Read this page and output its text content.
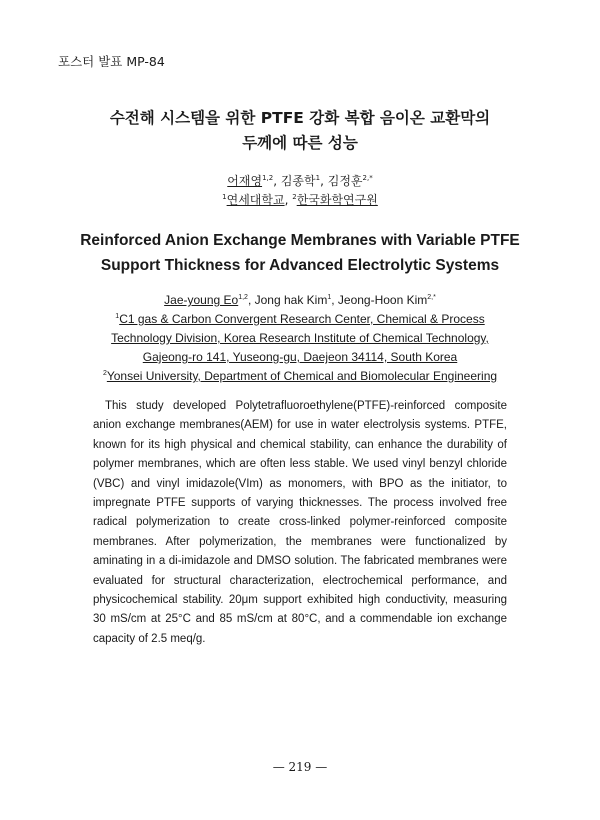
포스터 발표 MP-84
수전해 시스템을 위한 PTFE 강화 복합 음이온 교환막의
두께에 따른 성능
어재영$^{1,2}$, 김종학$^1$, 김정훈$^{2,*}$
$^1$연세대학교, $^2$한국화학연구원
Reinforced Anion Exchange Membranes with Variable PTFE
Support Thickness for Advanced Electrolytic Systems
Jae-young Eo$^{1,2}$, Jong hak Kim$^1$, Jeong-Hoon Kim$^{2,*}$
$^1$C1 gas & Carbon Convergent Research Center, Chemical & Process
Technology Division, Korea Research Institute of Chemical Technology,
Gajeong-ro 141, Yuseong-gu, Daejeon 34114, South Korea
$^2$Yonsei University, Department of Chemical and Biomolecular Engineering

This study developed Polytetrafluoroethylene(PTFE)-reinforced composite anion exchange membranes(AEM) for use in water electrolysis systems. PTFE, known for its high physical and chemical stability, can enhance the durability of polymer membranes, which are often less stable. We used vinyl benzyl chloride (VBC) and vinyl imidazole(VIm) as monomers, with BPO as the initiator, to impregnate PTFE supports of varying thicknesses. The process involved free radical polymerization to create cross-linked polymer-reinforced composite membranes. After polymerization, the membranes were functionalized by aminating in a di-imidazole and DMSO solution. The fabricated membranes were evaluated for structural characterization, electrochemical performance, and physicochemical stability. 20μm support exhibited high conductivity, measuring 30 mS/cm at 25°C and 85 mS/cm at 80°C, and a commendable ion exchange capacity of 2.5 meq/g.

— 219 —
